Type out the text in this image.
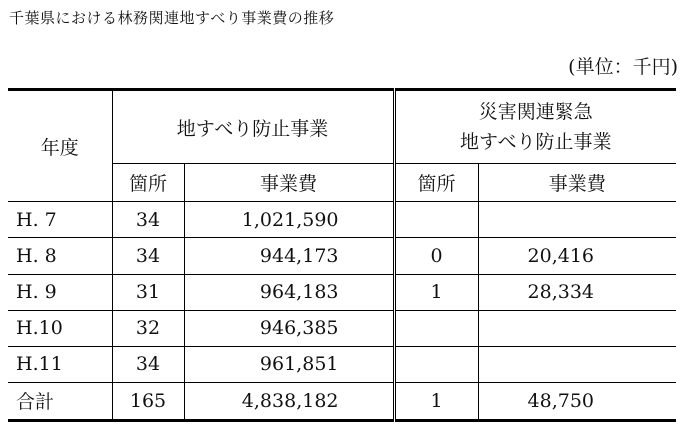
千葉県における林務関連地すべり事業費の推移
(単位：千円)
年度	地すべり防止事業		災害関連緊急
地すべり防止事業	

	箇所	事業費	箇所	事業費
H. 7	34	1,021,590		
H. 8	34	944,173	0	20,416
H. 9	31	964,183	1	28,334
H.10	32	946,385		
H.11	34	961,851		
合計	165	4,838,182	1	48,750
